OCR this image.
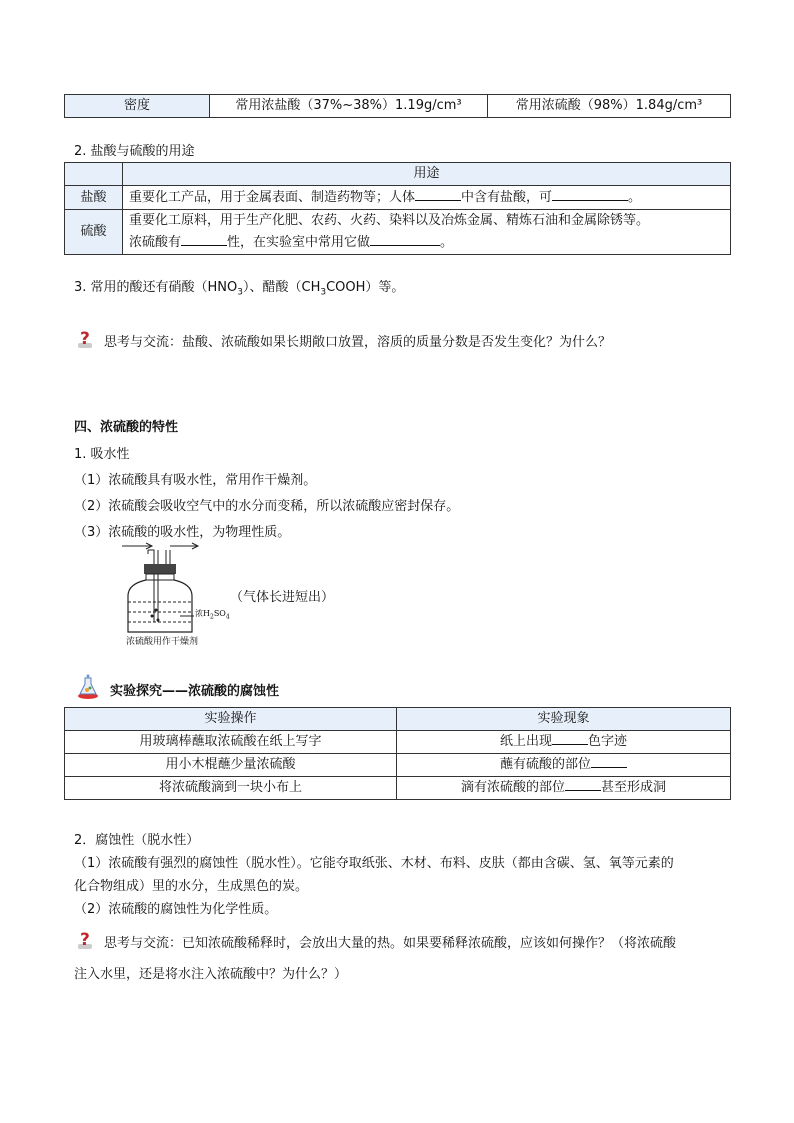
密度	常用浓盐酸（37%~38%）1.19g/cm³	常用浓硫酸（98%）1.84g/cm³
2. 盐酸与硫酸的用途
	用途
盐酸	重要化工产品，用于金属表面、制造药物等；人体 中含有盐酸，可 。
硫酸	重要化工原料，用于生产化肥、农药、火药、染料以及冶炼金属、精炼石油和金属除锈等。
浓硫酸有 性，在实验室中常用它做 。
3. 常用的酸还有硝酸$(HNO_3)$、醋酸$(CH_3COOH)$等。
? 思考与交流：盐酸、浓硫酸如果长期敞口放置，溶质的质量分数是否发生变化？为什么？
四、浓硫酸的特性
1. 吸水性
（1）浓硫酸具有吸水性，常用作干燥剂。
（2）浓硫酸会吸收空气中的水分而变稀，所以浓硫酸应密封保存。
（3）浓硫酸的吸水性，为物理性质。
浓$H_2SO_4$
浓硫酸用作干燥剂
（气体长进短出）
实验探究——浓硫酸的腐蚀性
实验操作	实验现象
用玻璃棒蘸取浓硫酸在纸上写字	纸上出现 色字迹
用小木棍蘸少量浓硫酸	蘸有硫酸的部位
将浓硫酸滴到一块小布上	滴有浓硫酸的部位 甚至形成洞
2．腐蚀性（脱水性）
（1）浓硫酸有强烈的腐蚀性（脱水性）。它能夺取纸张、木材、布料、皮肤（都由含碳、氢、氧等元素的
化合物组成）里的水分，生成黑色的炭。
（2）浓硫酸的腐蚀性为化学性质。
? 思考与交流：已知浓硫酸稀释时，会放出大量的热。如果要稀释浓硫酸，应该如何操作？（将浓硫酸
注入水里，还是将水注入浓硫酸中？为什么？）
